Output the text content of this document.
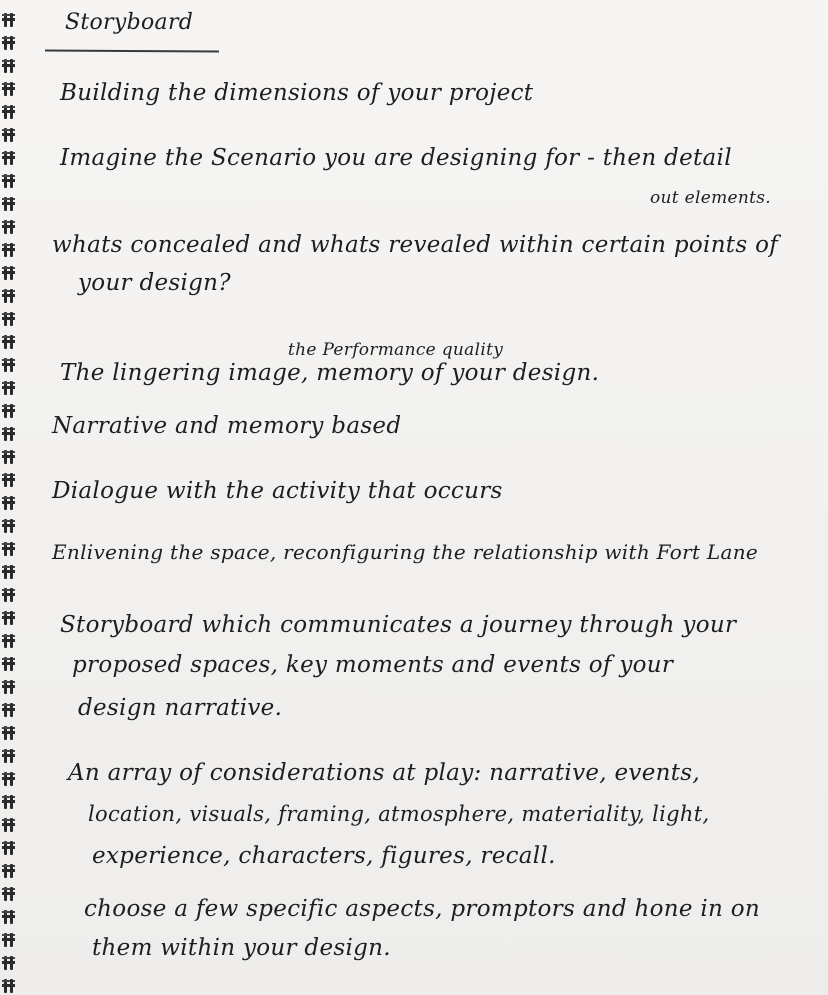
Storyboard
Building the dimensions of your project
Imagine the Scenario you are designing for - then detail
out elements.
whats concealed and whats revealed within certain points of
your design?
the Performance quality
The lingering image, memory of your design.
Narrative and memory based
Dialogue with the activity that occurs
Enlivening the space, reconfiguring the relationship with Fort Lane
Storyboard which communicates a journey through your
proposed spaces, key moments and events of your
design narrative.
An array of considerations at play: narrative, events,
location, visuals, framing, atmosphere, materiality, light,
experience, characters, figures, recall.
choose a few specific aspects, promptors and hone in on
them within your design.
